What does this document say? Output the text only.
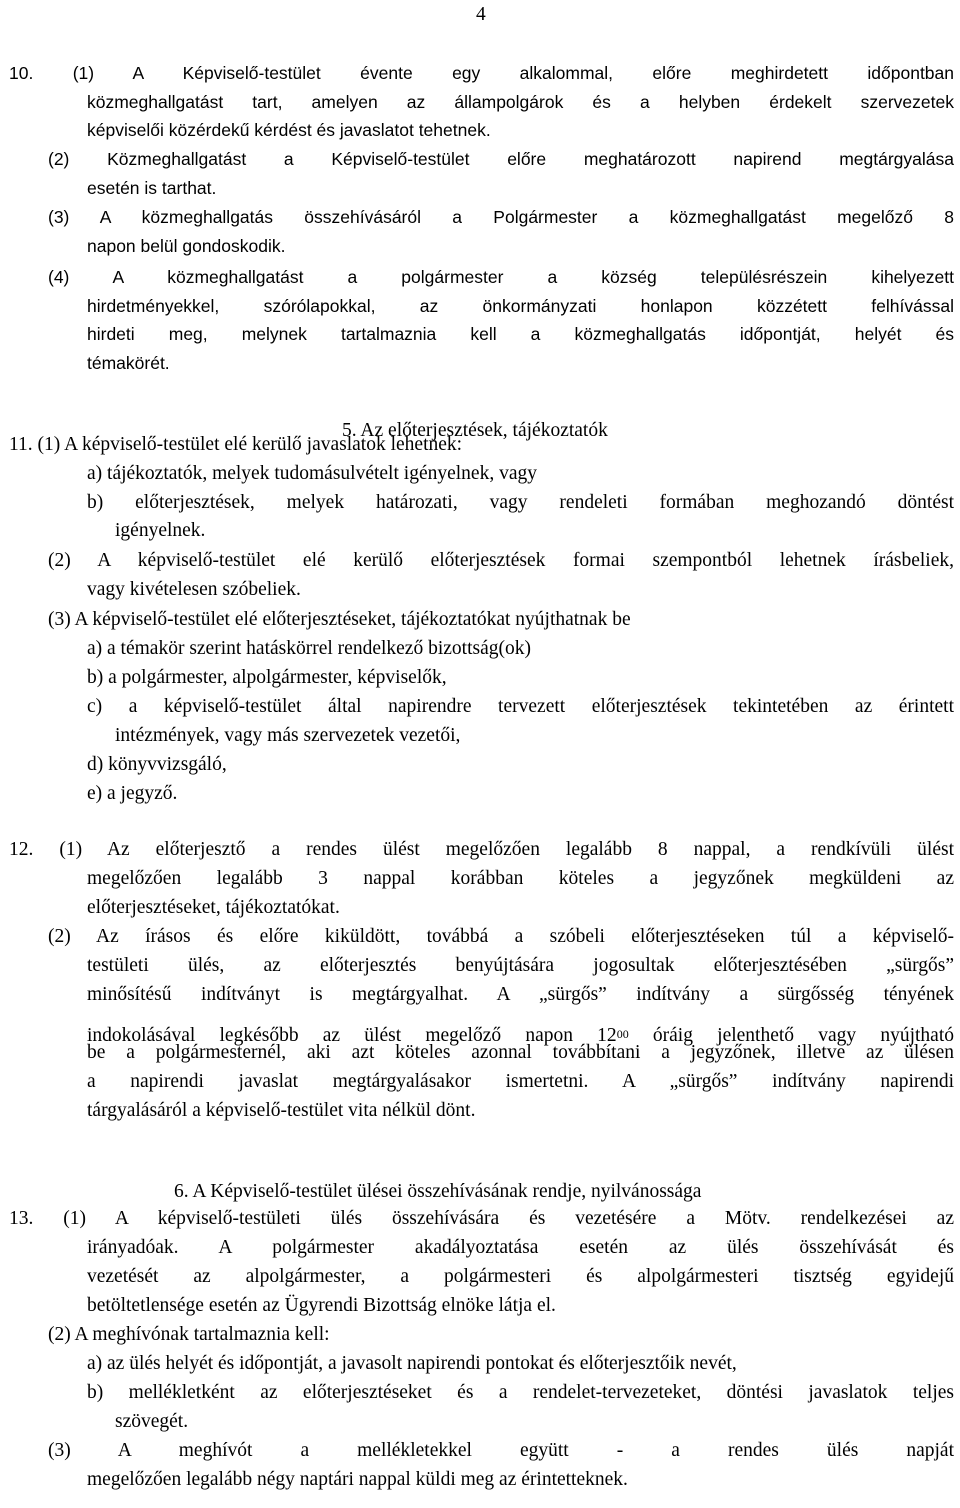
4
10. (1) A Képviselő-testület évente egy alkalommal, előre meghirdetett időpontban
közmeghallgatást tart, amelyen az állampolgárok és a helyben érdekelt szervezetek
képviselői közérdekű kérdést és javaslatot tehetnek.
(2) Közmeghallgatást a Képviselő-testület előre meghatározott napirend megtárgyalása
esetén is tarthat.
(3) A közmeghallgatás összehívásáról a Polgármester a közmeghallgatást megelőző 8
napon belül gondoskodik.
(4) A közmeghallgatást a polgármester a község településrészein kihelyezett
hirdetményekkel, szórólapokkal, az önkormányzati honlapon közzétett felhívással
hirdeti meg, melynek tartalmaznia kell a közmeghallgatás időpontját, helyét és
témakörét.
11. (1) A képviselő-testület elé kerülő javaslatok lehetnek:
a) tájékoztatók, melyek tudomásulvételt igényelnek, vagy
b) előterjesztések, melyek határozati, vagy rendeleti formában meghozandó döntést
igényelnek.
(2) A képviselő-testület elé kerülő előterjesztések formai szempontból lehetnek írásbeliek,
vagy kivételesen szóbeliek.
(3) A képviselő-testület elé előterjesztéseket, tájékoztatókat nyújthatnak be
a) a témakör szerint hatáskörrel rendelkező bizottság(ok)
b) a polgármester, alpolgármester, képviselők,
c) a képviselő-testület által napirendre tervezett előterjesztések tekintetében az érintett
intézmények, vagy más szervezetek vezetői,
d) könyvvizsgáló,
e) a jegyző.
12. (1) Az előterjesztő a rendes ülést megelőzően legalább 8 nappal, a rendkívüli ülést
megelőzően legalább 3 nappal korábban köteles a jegyzőnek megküldeni az
előterjesztéseket, tájékoztatókat.
(2) Az írásos és előre kiküldött, továbbá a szóbeli előterjesztéseken túl a képviselő-
testületi ülés, az előterjesztés benyújtására jogosultak előterjesztésében „sürgős”
minősítésű indítványt is megtárgyalhat. A „sürgős” indítvány a sürgősség tényének
be a polgármesternél, aki azt köteles azonnal továbbítani a jegyzőnek, illetve az ülésen
a napirendi javaslat megtárgyalásakor ismertetni. A „sürgős” indítvány napirendi
tárgyalásáról a képviselő-testület vita nélkül dönt.
13. (1) A képviselő-testületi ülés összehívására és vezetésére a Mötv. rendelkezései az
irányadóak. A polgármester akadályoztatása esetén az ülés összehívását és
vezetését az alpolgármester, a polgármesteri és alpolgármesteri tisztség egyidejű
betöltetlensége esetén az Ügyrendi Bizottság elnöke látja el.
(2) A meghívónak tartalmaznia kell:
a) az ülés helyét és időpontját, a javasolt napirendi pontokat és előterjesztőik nevét,
b) mellékletként az előterjesztéseket és a rendelet-tervezeteket, döntési javaslatok teljes
szövegét.
(3) A meghívót a mellékletekkel együtt - a rendes ülés napját
megelőzően legalább négy naptári nappal küldi meg az érintetteknek.
indokolásával legkésőbb az ülést megelőző napon $12^{00}$ óráig jelenthető vagy nyújtható
5. Az előterjesztések, tájékoztatók
6. A Képviselő-testület ülései összehívásának rendje, nyilvánossága
